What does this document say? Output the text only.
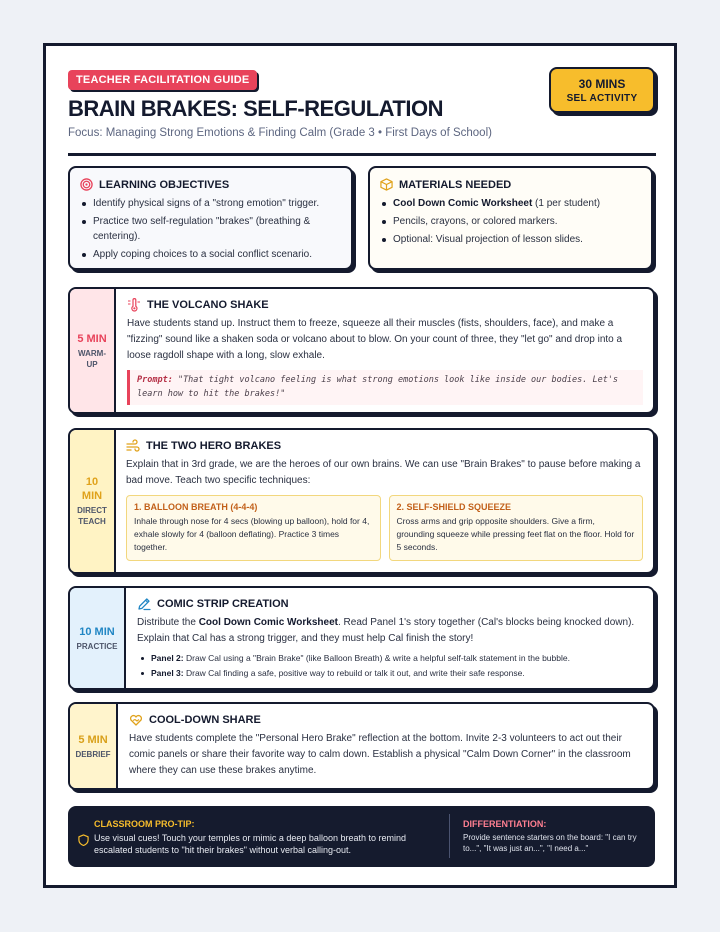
TEACHER FACILITATION GUIDE	30 MINS
SEL ACTIVITY
BRAIN BRAKES: SELF-REGULATION
Focus: Managing Strong Emotions & Finding Calm (Grade 3 • First Days of School)
LEARNING OBJECTIVES
Identify physical signs of a "strong emotion" trigger.
Practice two self-regulation "brakes" (breathing & centering).
Apply coping choices to a social conflict scenario.
MATERIALS NEEDED
Cool Down Comic Worksheet (1 per student)
Pencils, crayons, or colored markers.
Optional: Visual projection of lesson slides.
5 MIN
WARM-UP
THE VOLCANO SHAKE
Have students stand up. Instruct them to freeze, squeeze all their muscles (fists, shoulders, face), and make a "fizzing" sound like a shaken soda or volcano about to blow. On your count of three, they "let go" and drop into a loose ragdoll shape with a long, slow exhale.
Prompt: "That tight volcano feeling is what strong emotions look like inside our bodies. Let's learn how to hit the brakes!"
10 MIN
DIRECT TEACH
THE TWO HERO BRAKES
Explain that in 3rd grade, we are the heroes of our own brains. We can use "Brain Brakes" to pause before making a bad move. Teach two specific techniques:
1. BALLOON BREATH (4-4-4)
Inhale through nose for 4 secs (blowing up balloon), hold for 4, exhale slowly for 4 (balloon deflating). Practice 3 times together.
2. SELF-SHIELD SQUEEZE
Cross arms and grip opposite shoulders. Give a firm, grounding squeeze while pressing feet flat on the floor. Hold for 5 seconds.
10 MIN
PRACTICE
COMIC STRIP CREATION
Distribute the Cool Down Comic Worksheet. Read Panel 1's story together (Cal's blocks being knocked down). Explain that Cal has a strong trigger, and they must help Cal finish the story!
Panel 2: Draw Cal using a "Brain Brake" (like Balloon Breath) & write a helpful self-talk statement in the bubble.
Panel 3: Draw Cal finding a safe, positive way to rebuild or talk it out, and write their safe response.
5 MIN
DEBRIEF
COOL-DOWN SHARE
Have students complete the "Personal Hero Brake" reflection at the bottom. Invite 2-3 volunteers to act out their comic panels or share their favorite way to calm down. Establish a physical "Calm Down Corner" in the classroom where they can use these brakes anytime.
CLASSROOM PRO-TIP:
Use visual cues! Touch your temples or mimic a deep balloon breath to remind escalated students to "hit their brakes" without verbal calling-out.
DIFFERENTIATION:
Provide sentence starters on the board: "I can try to...", "It was just an...", "I need a..."
